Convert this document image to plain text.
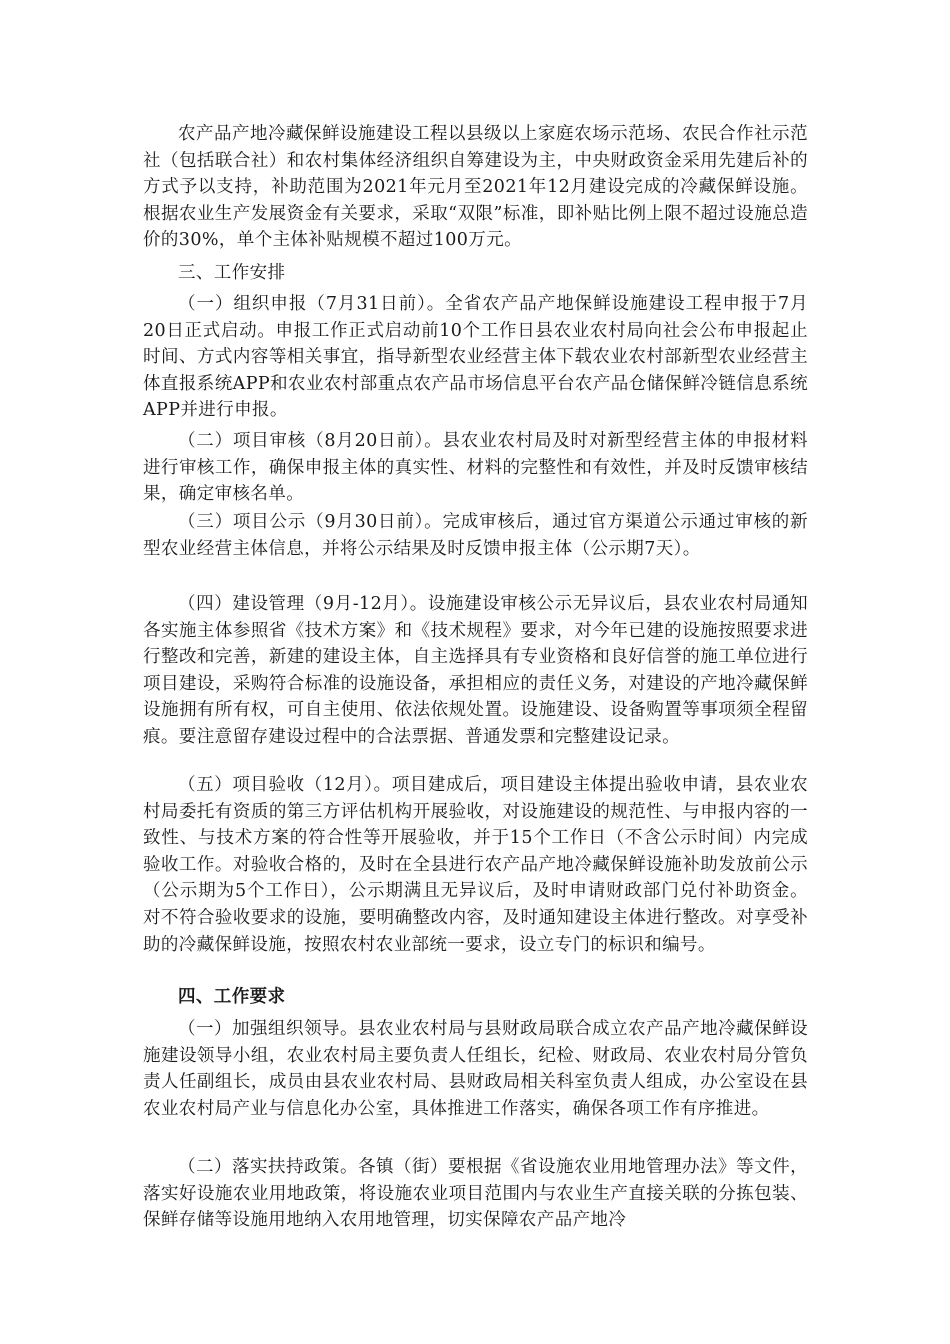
农产品产地冷藏保鲜设施建设工程以县级以上家庭农场示范场、农民合作社示范社（包括联合社）和农村集体经济组织自筹建设为主，中央财政资金采用先建后补的方式予以支持，补助范围为2021年元月至2021年12月建设完成的冷藏保鲜设施。根据农业生产发展资金有关要求，采取“双限”标准，即补贴比例上限不超过设施总造价的30%，单个主体补贴规模不超过100万元。

三、工作安排

（一）组织申报（7月31日前）。全省农产品产地保鲜设施建设工程申报于7月20日正式启动。申报工作正式启动前10个工作日县农业农村局向社会公布申报起止时间、方式内容等相关事宜，指导新型农业经营主体下载农业农村部新型农业经营主体直报系统APP和农业农村部重点农产品市场信息平台农产品仓储保鲜冷链信息系统APP并进行申报。

（二）项目审核（8月20日前）。县农业农村局及时对新型经营主体的申报材料进行审核工作，确保申报主体的真实性、材料的完整性和有效性，并及时反馈审核结果，确定审核名单。

（三）项目公示（9月30日前）。完成审核后，通过官方渠道公示通过审核的新型农业经营主体信息，并将公示结果及时反馈申报主体（公示期7天）。

（四）建设管理（9月-12月）。设施建设审核公示无异议后，县农业农村局通知各实施主体参照省《技术方案》和《技术规程》要求，对今年已建的设施按照要求进行整改和完善，新建的建设主体，自主选择具有专业资格和良好信誉的施工单位进行项目建设，采购符合标准的设施设备，承担相应的责任义务，对建设的产地冷藏保鲜设施拥有所有权，可自主使用、依法依规处置。设施建设、设备购置等事项须全程留痕。要注意留存建设过程中的合法票据、普通发票和完整建设记录。

（五）项目验收（12月）。项目建成后，项目建设主体提出验收申请，县农业农村局委托有资质的第三方评估机构开展验收，对设施建设的规范性、与申报内容的一致性、与技术方案的符合性等开展验收，并于15个工作日（不含公示时间）内完成验收工作。对验收合格的，及时在全县进行农产品产地冷藏保鲜设施补助发放前公示（公示期为5个工作日），公示期满且无异议后，及时申请财政部门兑付补助资金。对不符合验收要求的设施，要明确整改内容，及时通知建设主体进行整改。对享受补助的冷藏保鲜设施，按照农村农业部统一要求，设立专门的标识和编号。

四、工作要求

（一）加强组织领导。县农业农村局与县财政局联合成立农产品产地冷藏保鲜设施建设领导小组，农业农村局主要负责人任组长，纪检、财政局、农业农村局分管负责人任副组长，成员由县农业农村局、县财政局相关科室负责人组成，办公室设在县农业农村局产业与信息化办公室，具体推进工作落实，确保各项工作有序推进。

（二）落实扶持政策。各镇（街）要根据《省设施农业用地管理办法》等文件，落实好设施农业用地政策，将设施农业项目范围内与农业生产直接关联的分拣包装、保鲜存储等设施用地纳入农用地管理，切实保障农产品产地冷
